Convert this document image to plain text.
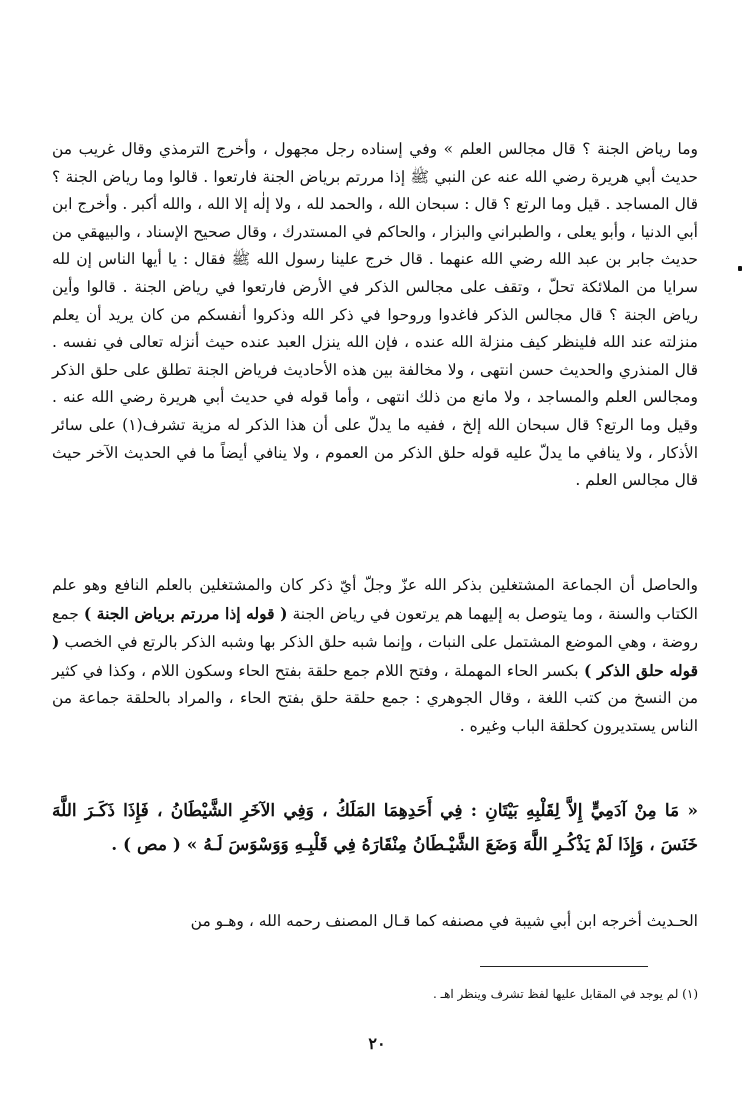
وما رياض الجنة ؟ قال مجالس العلم » وفي إسناده رجل مجهول ، وأخرج الترمذي وقال غريب من حديث أبي هريرة رضي الله عنه عن النبي ﷺ إذا مررتم برياض الجنة فارتعوا . قالوا وما رياض الجنة ؟ قال المساجد . قيل وما الرتع ؟ قال : سبحان الله ، والحمد لله ، ولا إلٰه إلا الله ، والله أكبر . وأخرج ابن أبي الدنيا ، وأبو يعلى ، والطبراني والبزار ، والحاكم في المستدرك ، وقال صحيح الإسناد ، والبيهقي من حديث جابر بن عبد الله رضي الله عنهما . قال خرج علينا رسول الله ﷺ فقال : يا أيها الناس إن لله سرايا من الملائكة تحلّ ، وتقف على مجالس الذكر في الأرض فارتعوا في رياض الجنة . قالوا وأين رياض الجنة ؟ قال مجالس الذكر فاغدوا وروحوا في ذكر الله وذكروا أنفسكم من كان يريد أن يعلم منزلته عند الله فلينظر كيف منزلة الله عنده ، فإن الله ينزل العبد عنده حيث أنزله تعالى في نفسه . قال المنذري والحديث حسن انتهى ، ولا مخالفة بين هذه الأحاديث فرياض الجنة تطلق على حلق الذكر ومجالس العلم والمساجد ، ولا مانع من ذلك انتهى ، وأما قوله في حديث أبي هريرة رضي الله عنه . وقيل وما الرتع؟ قال سبحان الله إلخ ، ففيه ما يدلّ على أن هذا الذكر له مزية تشرف(١) على سائر الأذكار ، ولا ينافي ما يدلّ عليه قوله حلق الذكر من العموم ، ولا ينافي أيضاً ما في الحديث الآخر حيث قال مجالس العلم .

والحاصل أن الجماعة المشتغلين بذكر الله عزّ وجلّ أيّ ذكر كان والمشتغلين بالعلم النافع وهو علم الكتاب والسنة ، وما يتوصل به إليهما هم يرتعون في رياض الجنة ( قوله إذا مررتم برياض الجنة ) جمع روضة ، وهي الموضع المشتمل على النبات ، وإنما شبه حلق الذكر بها وشبه الذكر بالرتع في الخصب ( قوله حلق الذكر ) بكسر الحاء المهملة ، وفتح اللام جمع حلقة بفتح الحاء وسكون اللام ، وكذا في كثير من النسخ من كتب اللغة ، وقال الجوهري : جمع حلقة حلق بفتح الحاء ، والمراد بالحلقة جماعة من الناس يستديرون كحلقة الباب وغيره .

« مَا مِنْ آدَمِيٍّ إِلاَّ لِقَلْبِهِ بَيْتَانِ : فِي أَحَدِهِمَا المَلَكُ ، وَفِي الآخَرِ الشَّيْطَانُ ، فَإِذَا ذَكَـرَ اللَّهَ خَنَسَ ، وَإِذَا لَمْ يَذْكُـرِ اللَّهَ وَضَعَ الشَّيْـطَانُ مِنْقَارَهُ فِي قَلْبِـهِ وَوَسْوَسَ لَـهُ » ( مص ) .

الحـديث أخرجه ابن أبي شيبة في مصنفه كما قـال المصنف رحمه الله ، وهـو من

(١) لم يوجد في المقابل عليها لفظ تشرف وينظر اهـ .

٢٠
